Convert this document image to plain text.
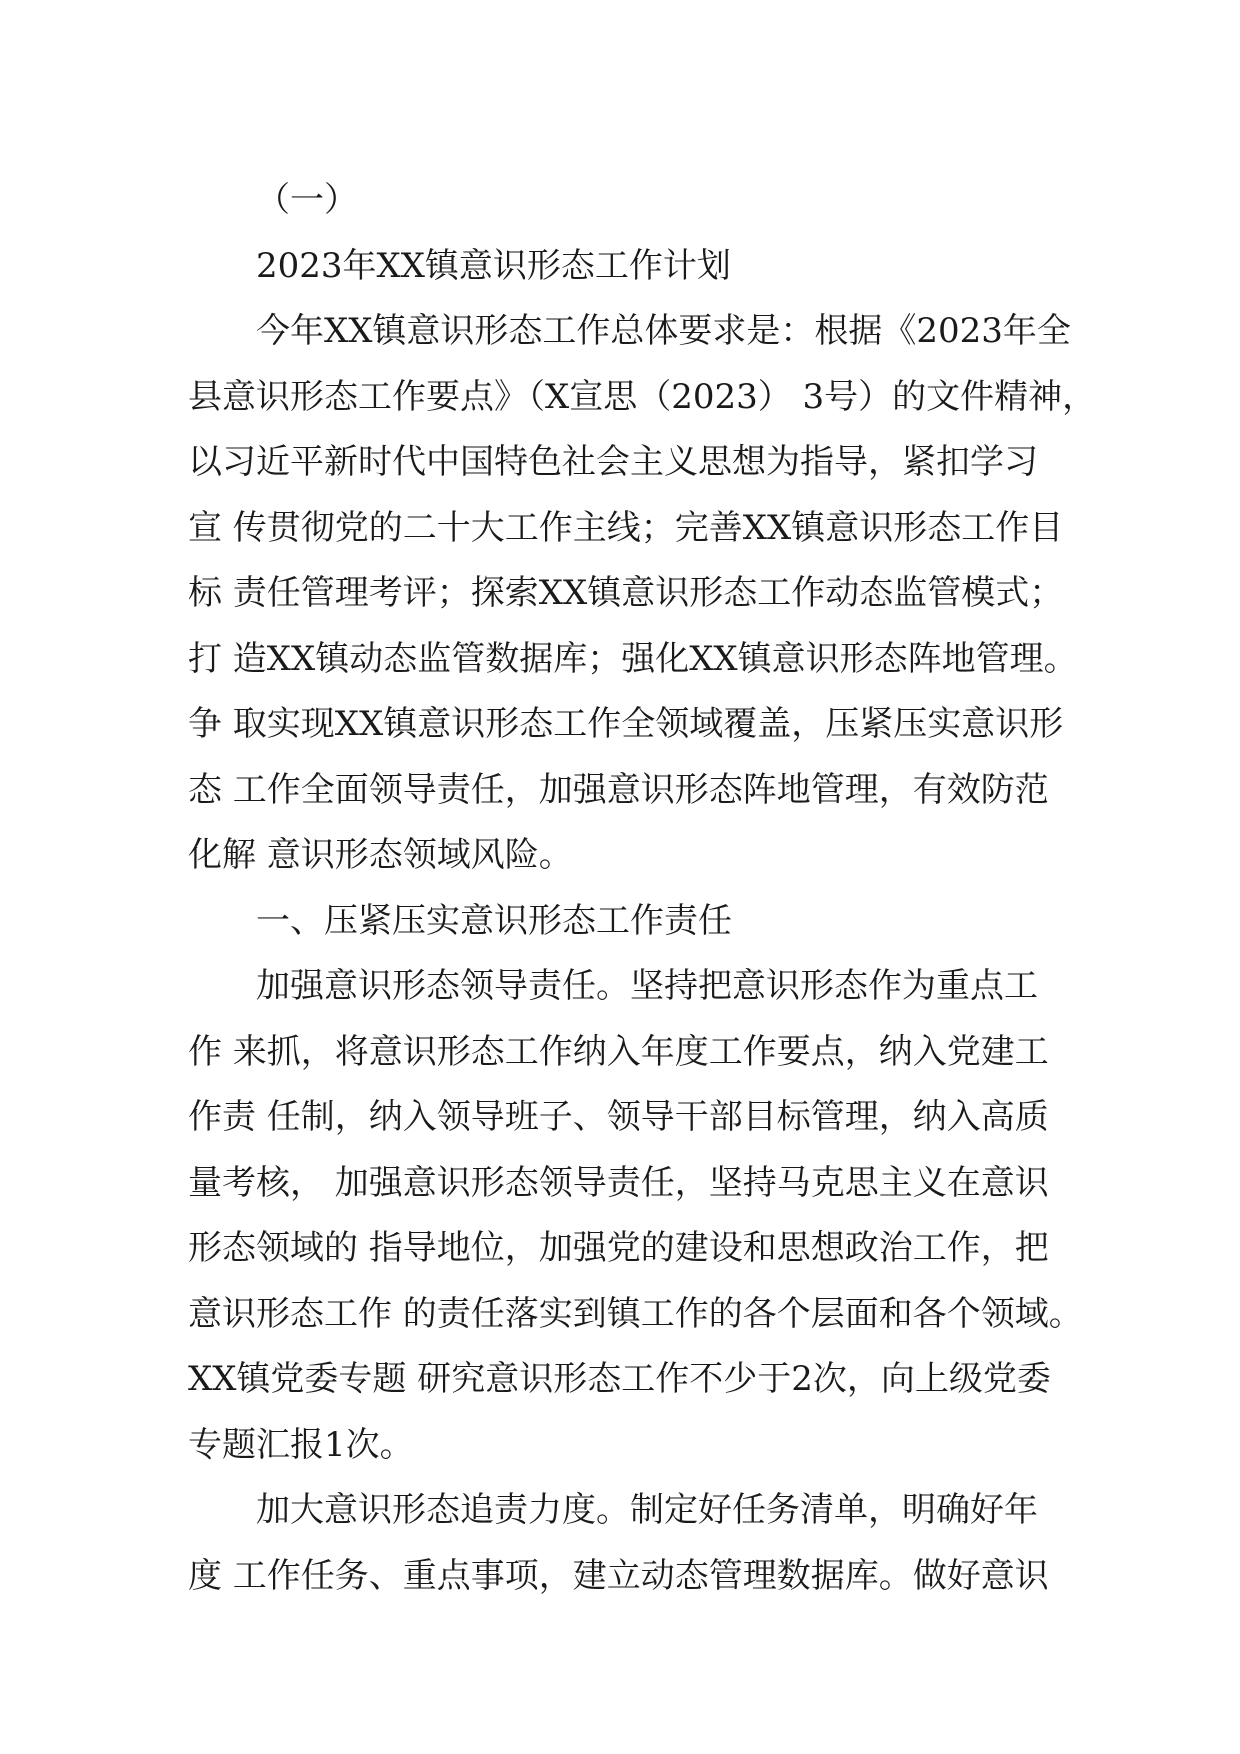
（一）
2023年XX镇意识形态工作计划
今年XX镇意识形态工作总体要求是：根据《2023年全
县意识形态工作要点》（X宣思（2023） 3号）的文件精神，
以习近平新时代中国特色社会主义思想为指导，紧扣学习
宣 传贯彻党的二十大工作主线；完善XX镇意识形态工作目
标 责任管理考评；探索XX镇意识形态工作动态监管模式；
打 造XX镇动态监管数据库；强化XX镇意识形态阵地管理。
争 取实现XX镇意识形态工作全领域覆盖，压紧压实意识形
态 工作全面领导责任，加强意识形态阵地管理，有效防范
化解 意识形态领域风险。
一、压紧压实意识形态工作责任
加强意识形态领导责任。坚持把意识形态作为重点工
作 来抓，将意识形态工作纳入年度工作要点，纳入党建工
作责 任制，纳入领导班子、领导干部目标管理，纳入高质
量考核， 加强意识形态领导责任，坚持马克思主义在意识
形态领域的 指导地位，加强党的建设和思想政治工作，把
意识形态工作 的责任落实到镇工作的各个层面和各个领域。
XX镇党委专题 研究意识形态工作不少于2次，向上级党委
专题汇报1次。
加大意识形态追责力度。制定好任务清单，明确好年
度 工作任务、重点事项，建立动态管理数据库。做好意识
